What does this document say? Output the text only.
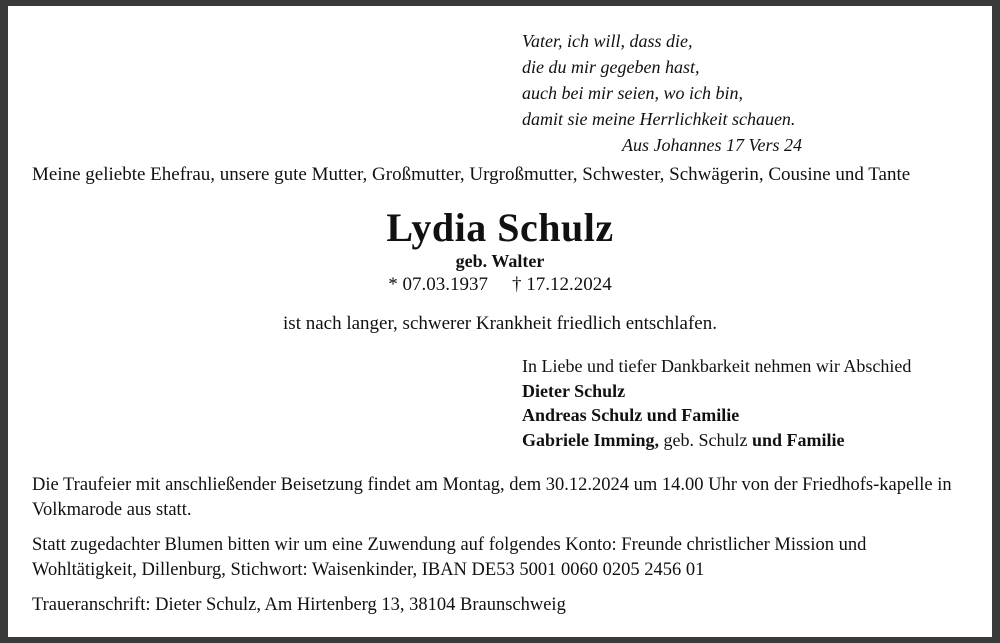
Vater, ich will, dass die,
die du mir gegeben hast,
auch bei mir seien, wo ich bin,
damit sie meine Herrlichkeit schauen.
Aus Johannes 17 Vers 24
Meine geliebte Ehefrau, unsere gute Mutter, Großmutter, Urgroßmutter, Schwester, Schwägerin, Cousine und Tante
Lydia Schulz
geb. Walter
* 07.03.1937 † 17.12.2024
ist nach langer, schwerer Krankheit friedlich entschlafen.
In Liebe und tiefer Dankbarkeit nehmen wir Abschied
Dieter Schulz
Andreas Schulz und Familie
Gabriele Imming, geb. Schulz und Familie
Die Traufeier mit anschließender Beisetzung findet am Montag, dem 30.12.2024 um 14.00 Uhr von der Friedhofs-kapelle in Volkmarode aus statt.
Statt zugedachter Blumen bitten wir um eine Zuwendung auf folgendes Konto: Freunde christlicher Mission und Wohltätigkeit, Dillenburg, Stichwort: Waisenkinder, IBAN DE53 5001 0060 0205 2456 01
Traueranschrift: Dieter Schulz, Am Hirtenberg 13, 38104 Braunschweig
